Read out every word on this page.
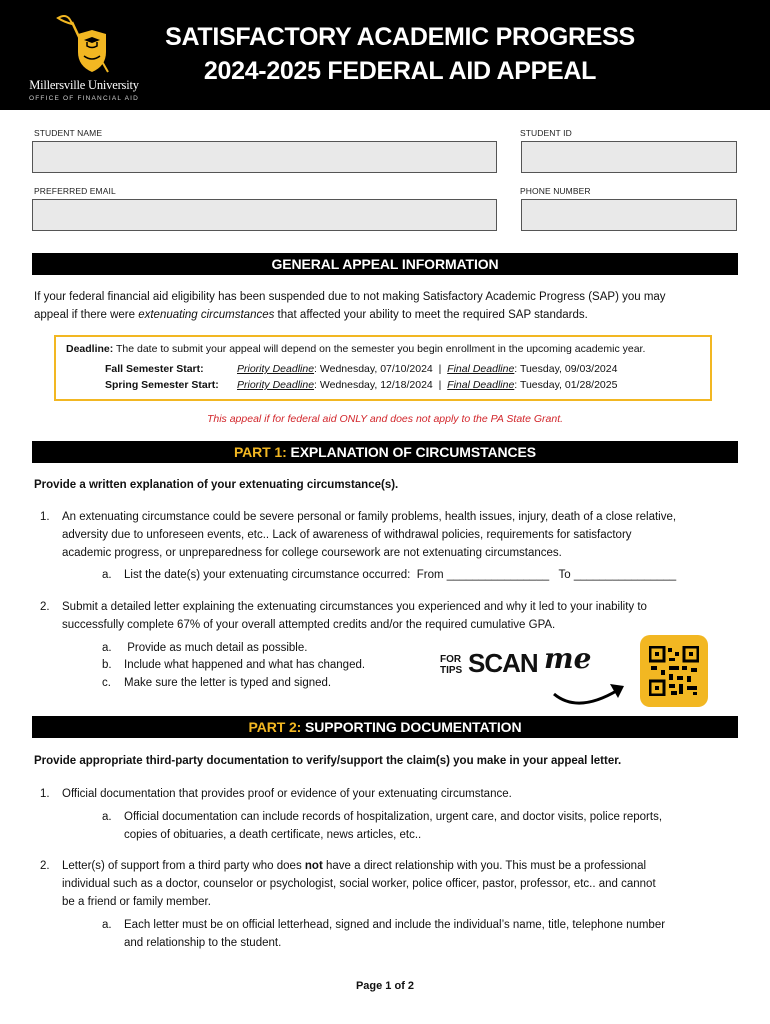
Millersville University
OFFICE OF FINANCIAL AID
SATISFACTORY ACADEMIC PROGRESS
2024-2025 FEDERAL AID APPEAL
STUDENT NAME	STUDENT ID
PREFERRED EMAIL	PHONE NUMBER
GENERAL APPEAL INFORMATION
If your federal financial aid eligibility has been suspended due to not making Satisfactory Academic Progress (SAP) you may
appeal if there were extenuating circumstances that affected your ability to meet the required SAP standards.
Deadline: The date to submit your appeal will depend on the semester you begin enrollment in the upcoming academic year.
Fall Semester Start:	Priority Deadline: Wednesday, 07/10/2024 | Final Deadline: Tuesday, 09/03/2024
Spring Semester Start:	Priority Deadline: Wednesday, 12/18/2024 | Final Deadline: Tuesday, 01/28/2025
This appeal if for federal aid ONLY and does not apply to the PA State Grant.
PART 1: EXPLANATION OF CIRCUMSTANCES
Provide a written explanation of your extenuating circumstance(s).
1. An extenuating circumstance could be severe personal or family problems, health issues, injury, death of a close relative,
adversity due to unforeseen events, etc.. Lack of awareness of withdrawal policies, requirements for satisfactory
academic progress, or unpreparedness for college coursework are not extenuating circumstances.
a. List the date(s) your extenuating circumstance occurred:  From ________________   To ________________
2. Submit a detailed letter explaining the extenuating circumstances you experienced and why it led to your inability to
successfully complete 67% of your overall attempted credits and/or the required cumulative GPA.
a. Provide as much detail as possible.
b. Include what happened and what has changed.
c. Make sure the letter is typed and signed.
FOR
TIPS SCAN me
PART 2: SUPPORTING DOCUMENTATION
Provide appropriate third-party documentation to verify/support the claim(s) you make in your appeal letter.
1. Official documentation that provides proof or evidence of your extenuating circumstance.
a. Official documentation can include records of hospitalization, urgent care, and doctor visits, police reports,
copies of obituaries, a death certificate, news articles, etc..
2. Letter(s) of support from a third party who does not have a direct relationship with you. This must be a professional
individual such as a doctor, counselor or psychologist, social worker, police officer, pastor, professor, etc.. and cannot
be a friend or family member.
a. Each letter must be on official letterhead, signed and include the individual’s name, title, telephone number
and relationship to the student.
Page 1 of 2
